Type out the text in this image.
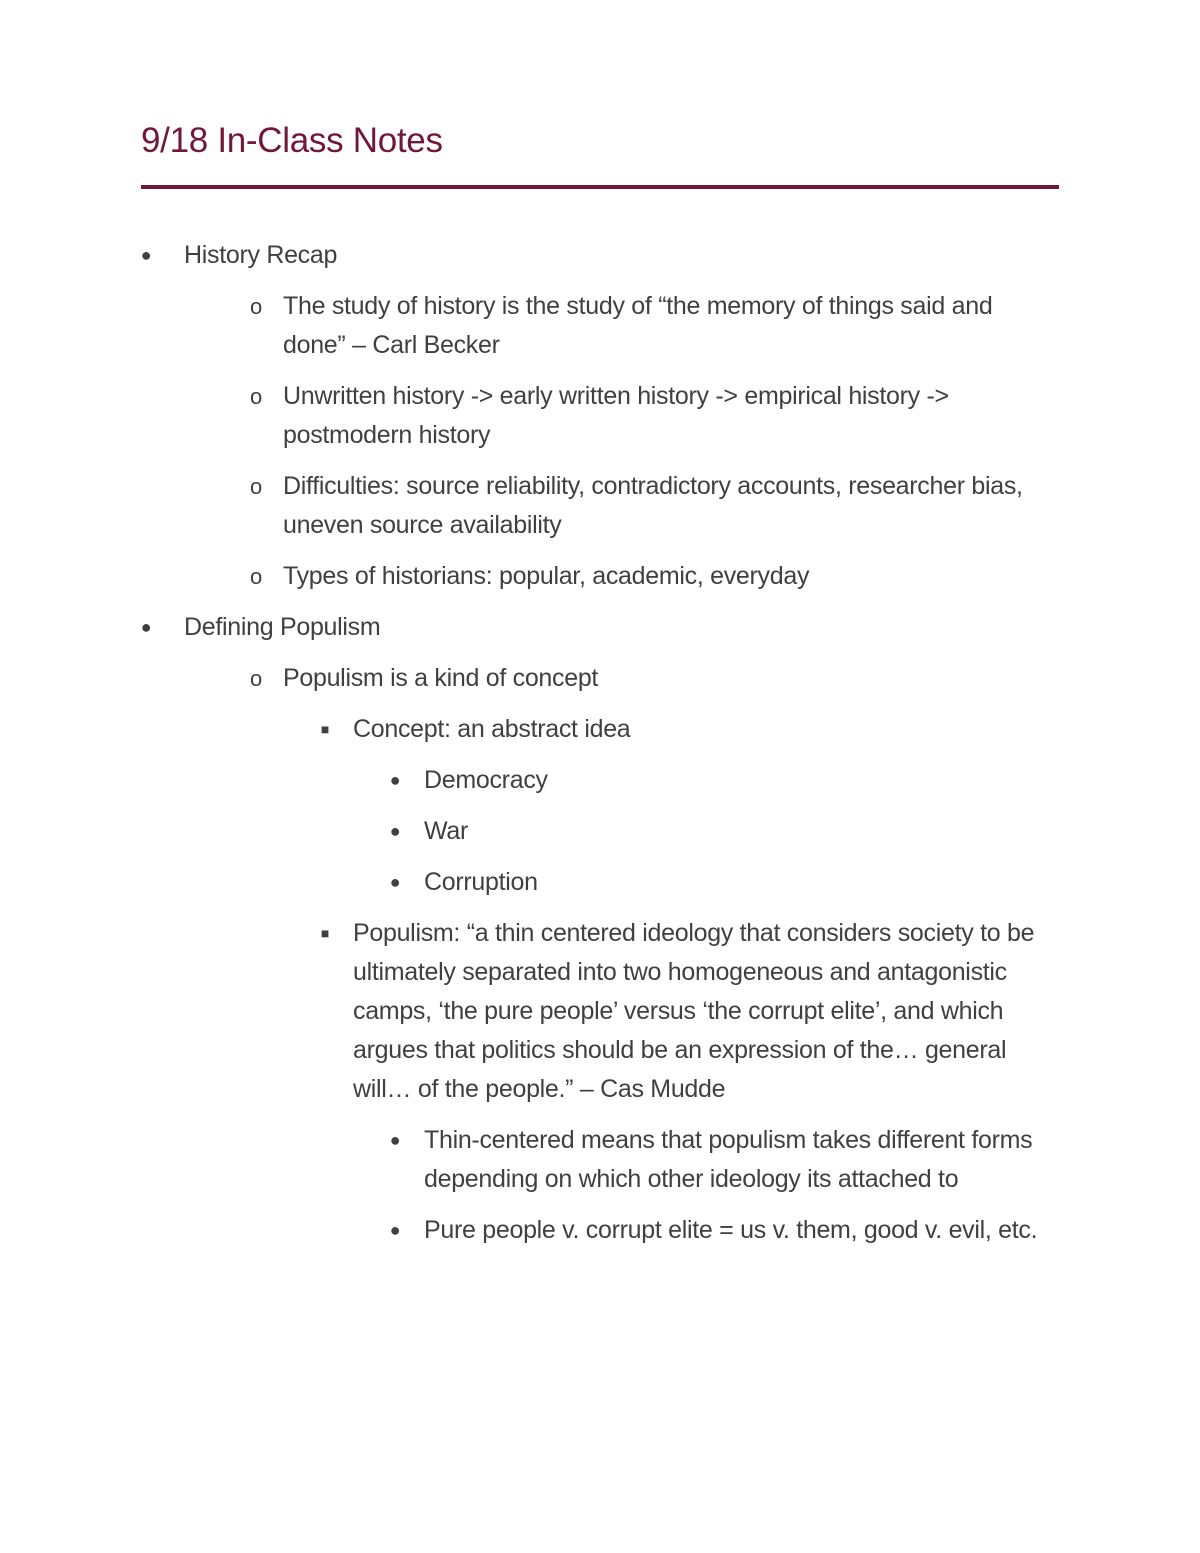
9/18 In-Class Notes
● History Recap
o The study of history is the study of “the memory of things said and done” – Carl Becker
o Unwritten history -> early written history -> empirical history -> postmodern history
o Difficulties: source reliability, contradictory accounts, researcher bias, uneven source availability
o Types of historians: popular, academic, everyday
● Defining Populism
o Populism is a kind of concept
■ Concept: an abstract idea
● Democracy
● War
● Corruption
■ Populism: “a thin centered ideology that considers society to be ultimately separated into two homogeneous and antagonistic camps, ‘the pure people’ versus ‘the corrupt elite’, and which argues that politics should be an expression of the… general will… of the people.” – Cas Mudde
● Thin-centered means that populism takes different forms depending on which other ideology its attached to
● Pure people v. corrupt elite = us v. them, good v. evil, etc.
